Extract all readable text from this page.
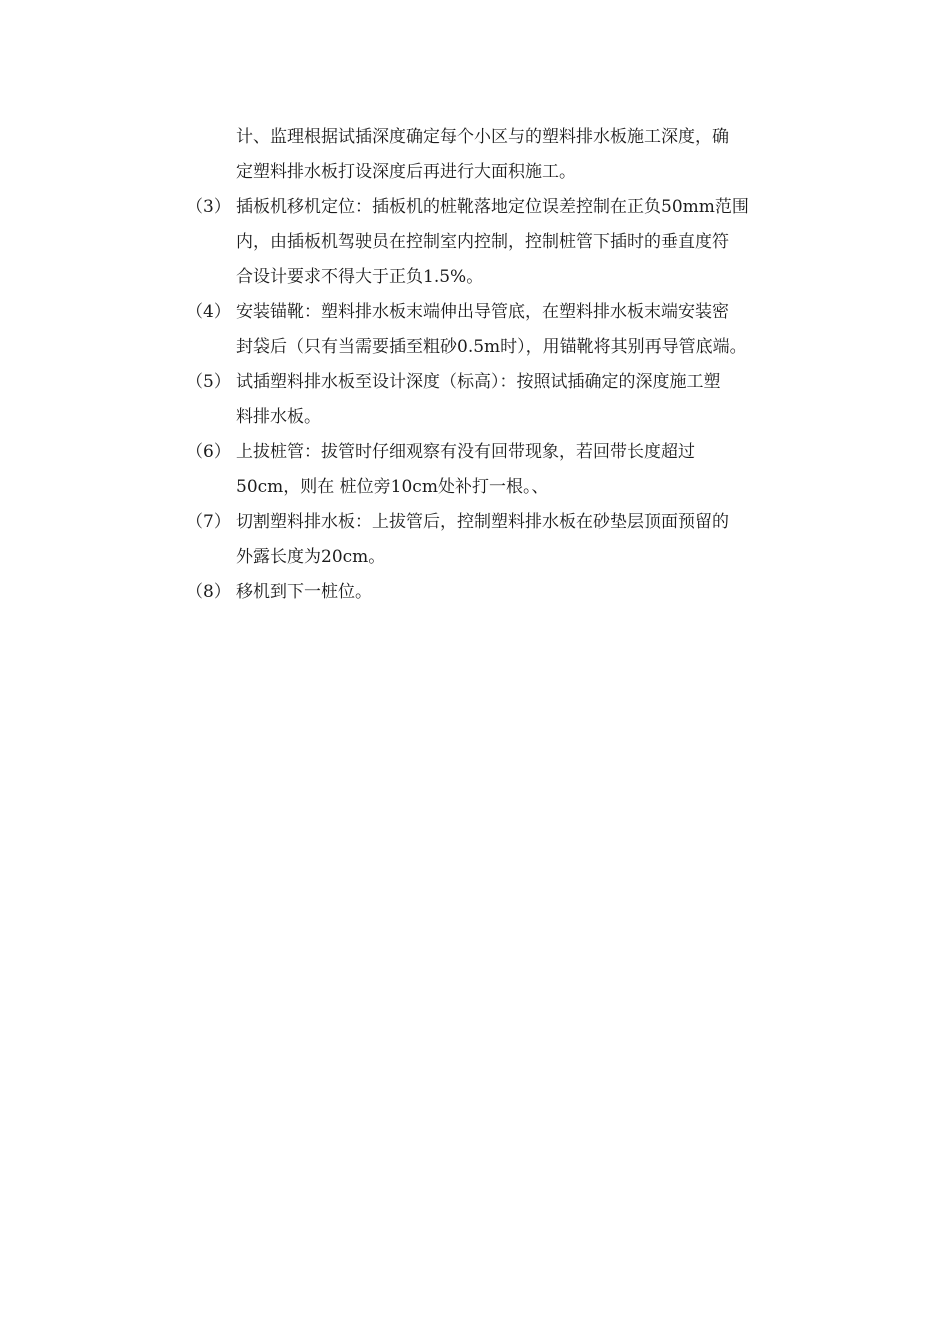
计、监理根据试插深度确定每个小区与的塑料排水板施工深度，确
定塑料排水板打设深度后再进行大面积施工。
（3） 插板机移机定位：插板机的桩靴落地定位误差控制在正负50mm范围
内，由插板机驾驶员在控制室内控制，控制桩管下插时的垂直度符
合设计要求不得大于正负1.5%。
（4） 安装锚靴：塑料排水板末端伸出导管底，在塑料排水板末端安装密
封袋后（只有当需要插至粗砂0.5m时），用锚靴将其别再导管底端。
（5） 试插塑料排水板至设计深度（标高）：按照试插确定的深度施工塑
料排水板。
（6） 上拔桩管：拔管时仔细观察有没有回带现象，若回带长度超过
50cm，则在 桩位旁10cm处补打一根。、
（7） 切割塑料排水板：上拔管后，控制塑料排水板在砂垫层顶面预留的
外露长度为20cm。
（8） 移机到下一桩位。
